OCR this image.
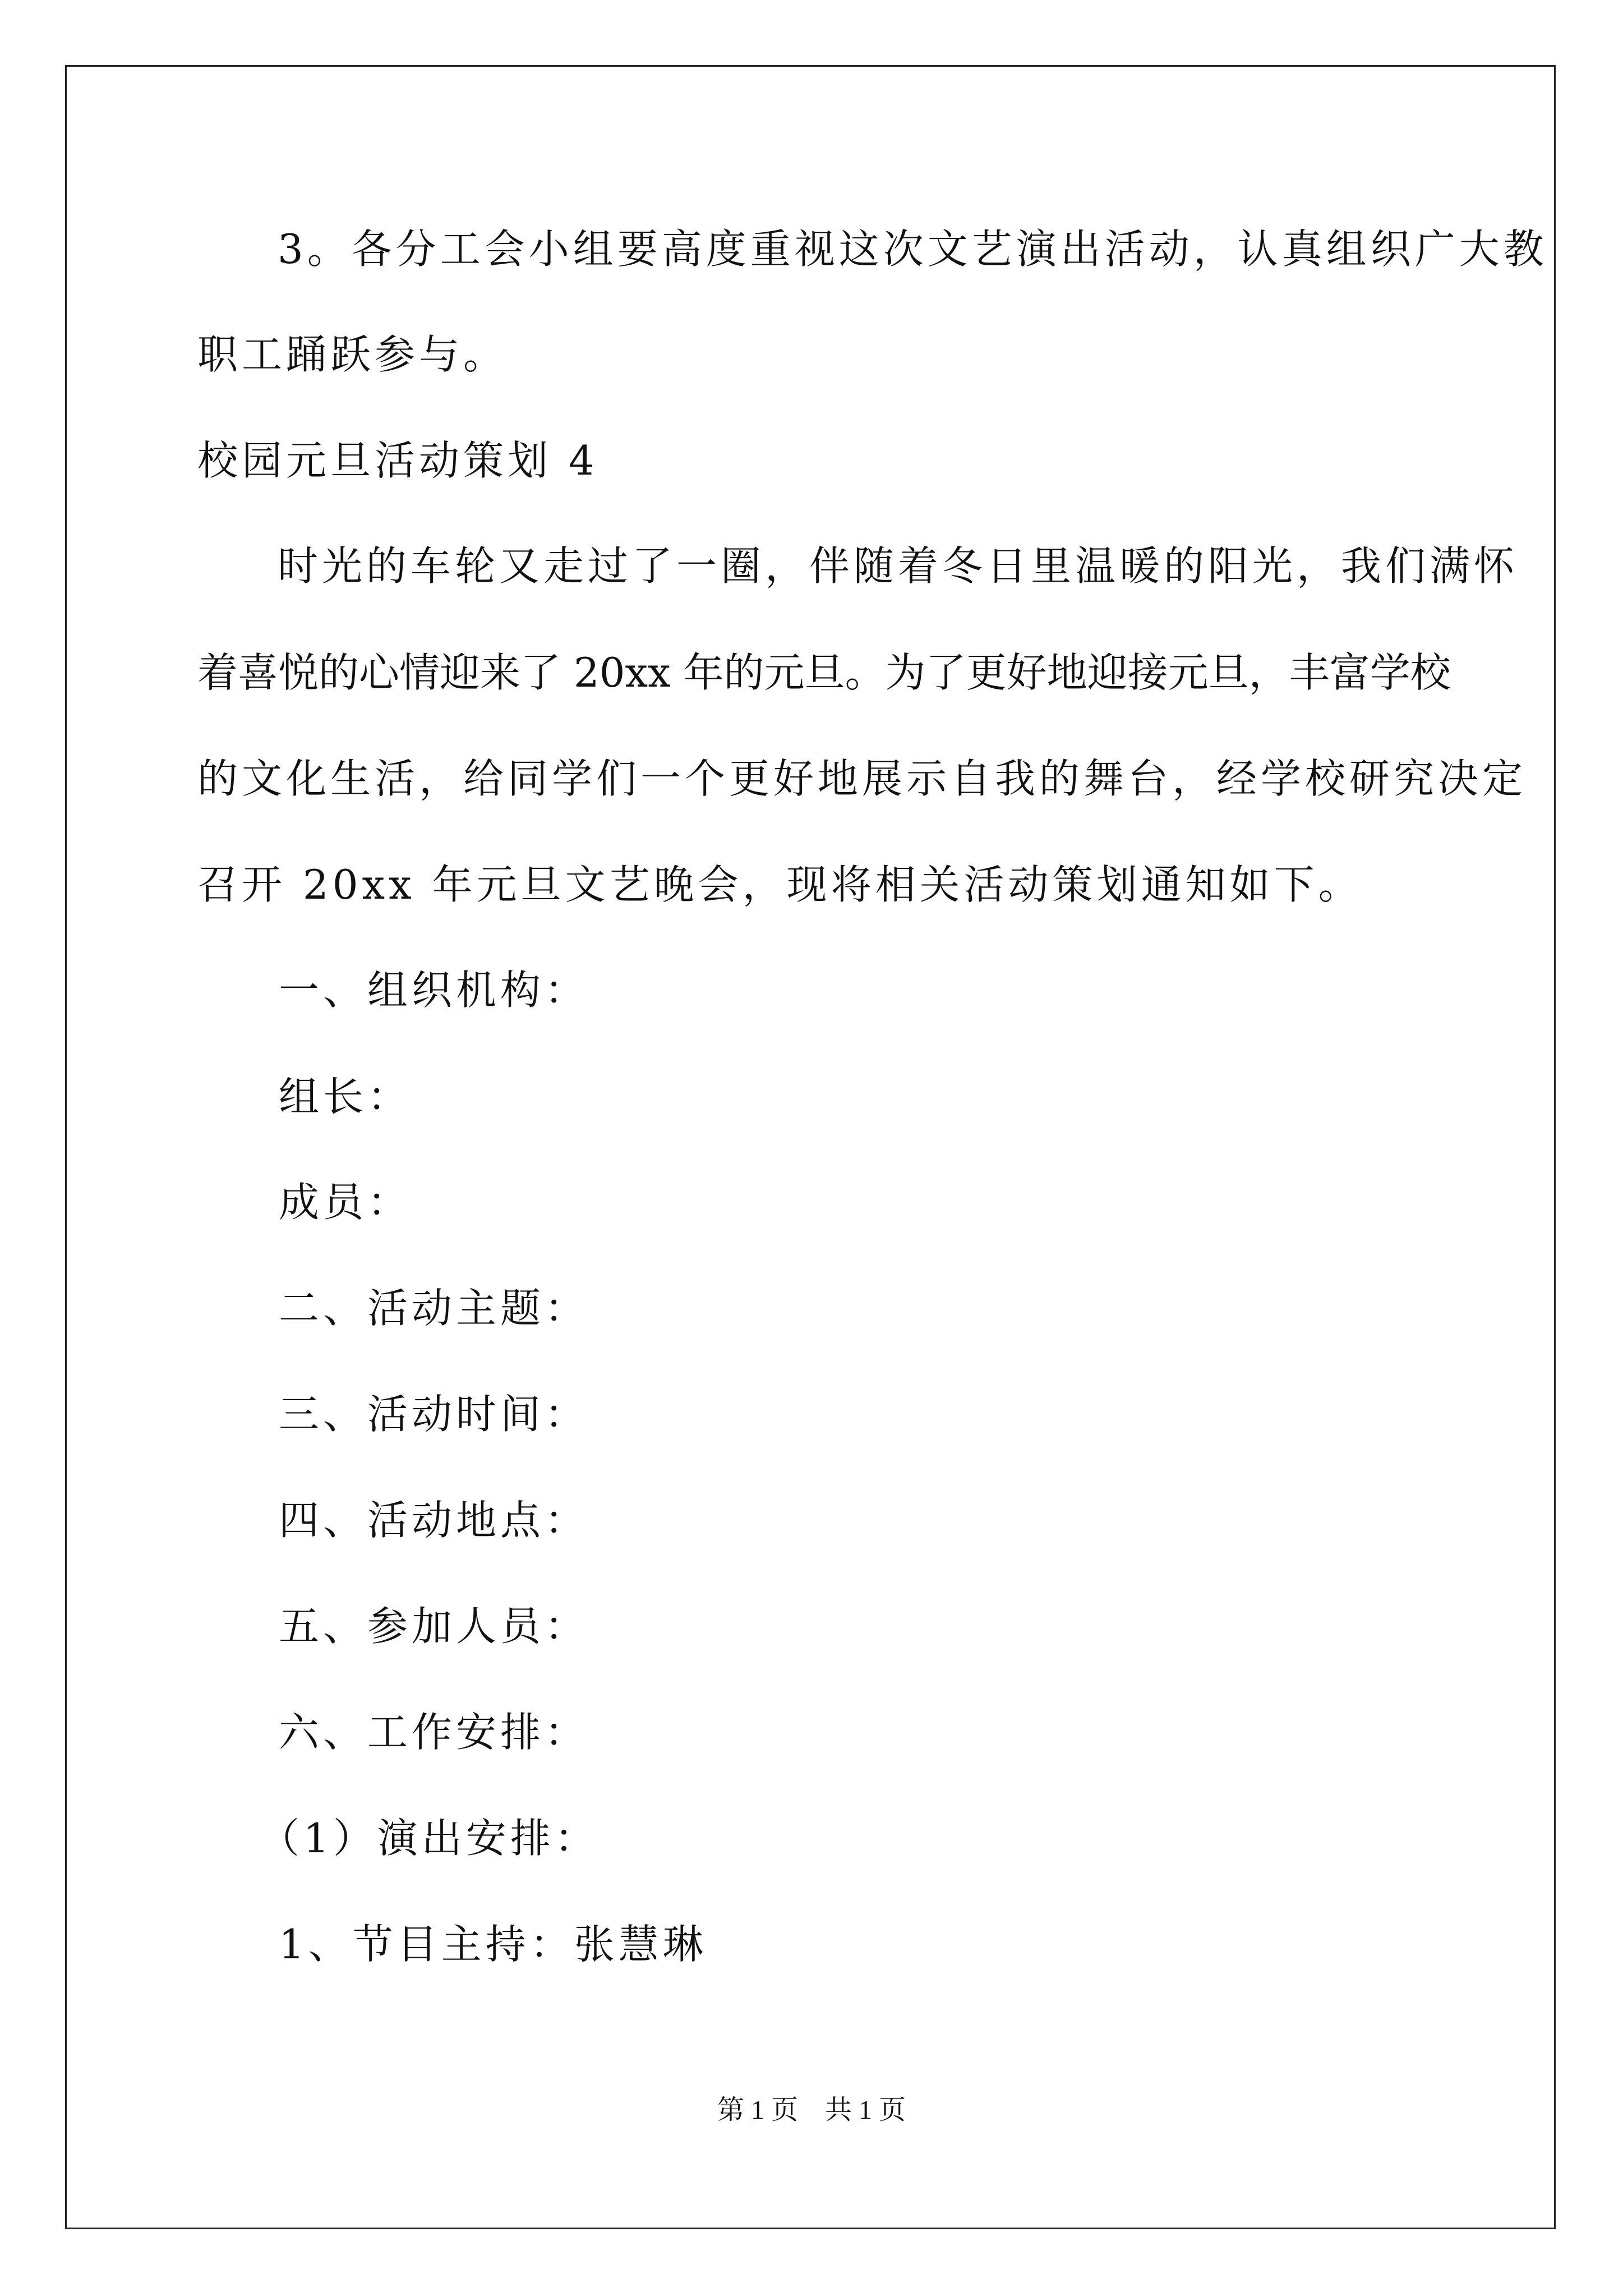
3。各分工会小组要高度重视这次文艺演出活动，认真组织广大教
职工踊跃参与。
校园元旦活动策划 4
时光的车轮又走过了一圈，伴随着冬日里温暖的阳光，我们满怀
着喜悦的心情迎来了 20xx 年的元旦。为了更好地迎接元旦，丰富学校
的文化生活，给同学们一个更好地展示自我的舞台，经学校研究决定
召开 20xx 年元旦文艺晚会，现将相关活动策划通知如下。
一、组织机构：
组长：
成员：
二、活动主题：
三、活动时间：
四、活动地点：
五、参加人员：
六、工作安排：
（1）演出安排：
1、节目主持：张慧琳
第 1 页　共 1 页
